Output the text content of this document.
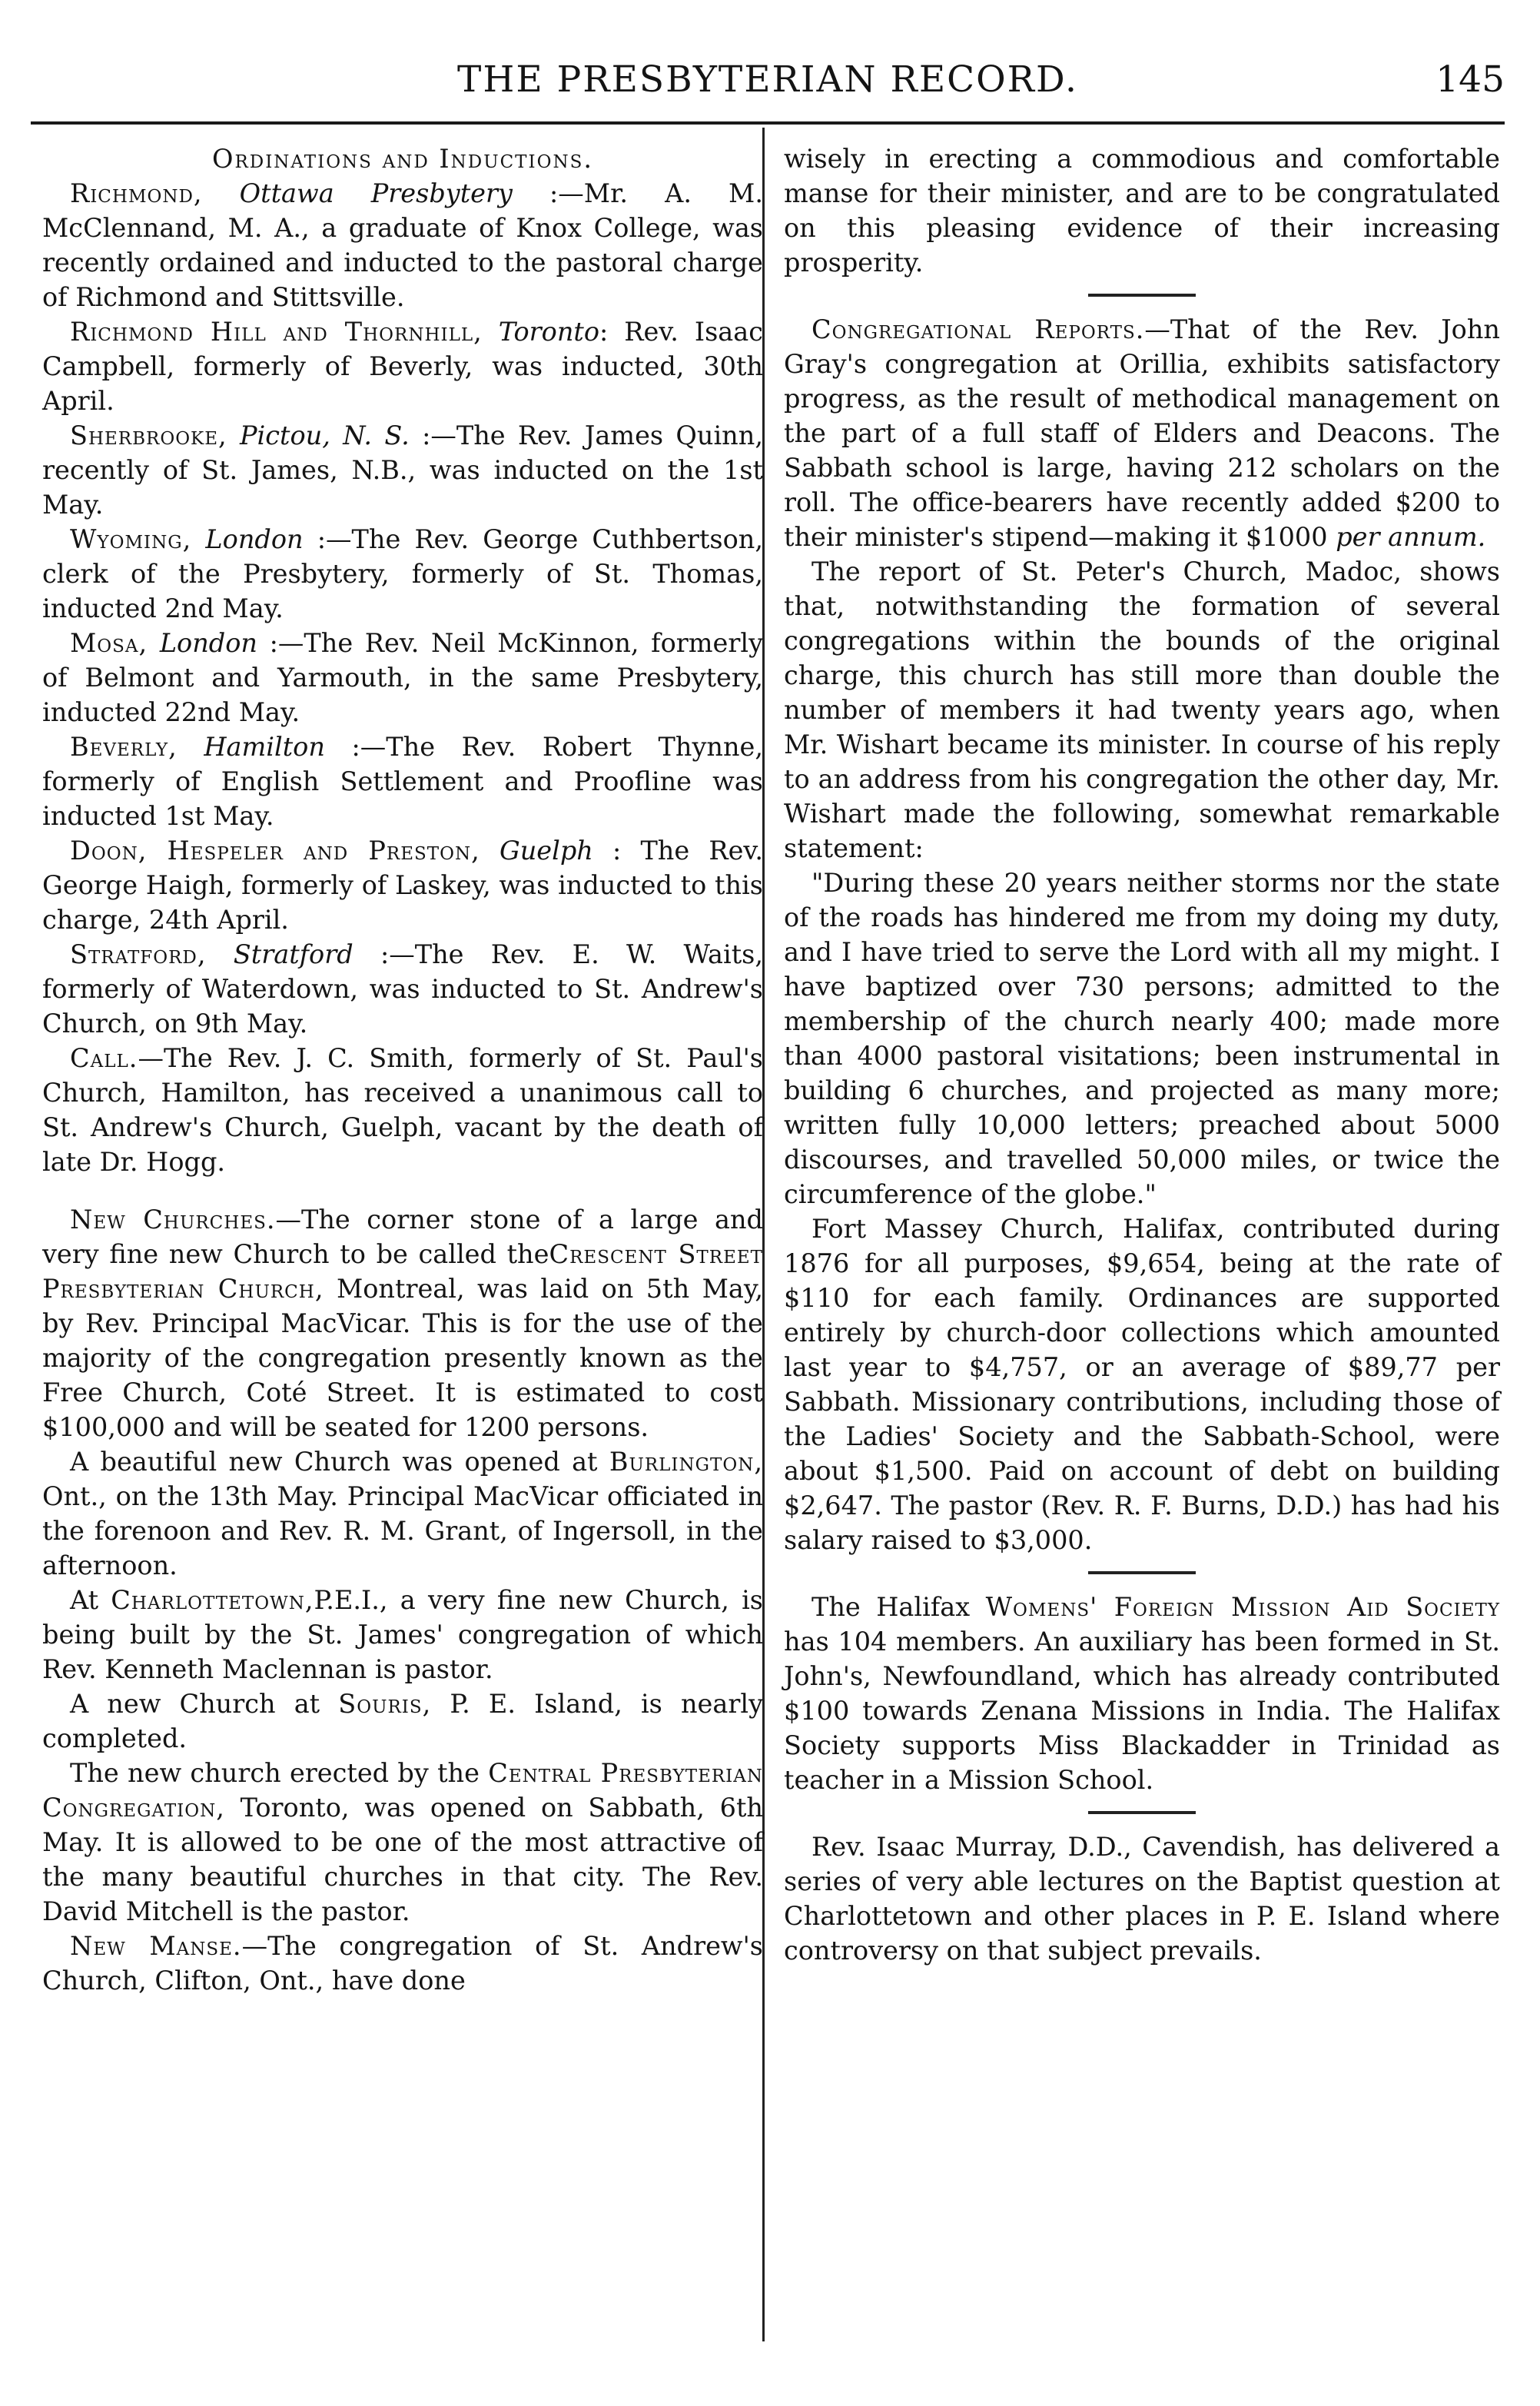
THE PRESBYTERIAN RECORD.	145

Ordinations and Inductions.

Richmond, Ottawa Presbytery :—Mr. A. M. McClennand, M. A., a graduate of Knox College, was recently ordained and inducted to the pastoral charge of Richmond and Stittsville.

Richmond Hill and Thornhill, Toronto: Rev. Isaac Campbell, formerly of Beverly, was inducted, 30th April.

Sherbrooke, Pictou, N. S. :—The Rev. James Quinn, recently of St. James, N.B., was inducted on the 1st May.

Wyoming, London :—The Rev. George Cuthbertson, clerk of the Presbytery, formerly of St. Thomas, inducted 2nd May.

Mosa, London :—The Rev. Neil McKinnon, formerly of Belmont and Yarmouth, in the same Presbytery, inducted 22nd May.

Beverly, Hamilton :—The Rev. Robert Thynne, formerly of English Settlement and Proofline was inducted 1st May.

Doon, Hespeler and Preston, Guelph : The Rev. George Haigh, formerly of Laskey, was inducted to this charge, 24th April.

Stratford, Stratford :—The Rev. E. W. Waits, formerly of Waterdown, was inducted to St. Andrew's Church, on 9th May.

Call.—The Rev. J. C. Smith, formerly of St. Paul's Church, Hamilton, has received a unanimous call to St. Andrew's Church, Guelph, vacant by the death of late Dr. Hogg.

New Churches.—The corner stone of a large and very fine new Church to be called theCrescent Street Presbyterian Church, Montreal, was laid on 5th May, by Rev. Principal MacVicar. This is for the use of the majority of the congregation presently known as the Free Church, Coté Street. It is estimated to cost $100,000 and will be seated for 1200 persons.

A beautiful new Church was opened at Burlington, Ont., on the 13th May. Principal MacVicar officiated in the forenoon and Rev. R. M. Grant, of Ingersoll, in the afternoon.

At Charlottetown,P.E.I., a very fine new Church, is being built by the St. James' congregation of which Rev. Kenneth Maclennan is pastor.

A new Church at Souris, P. E. Island, is nearly completed.

The new church erected by the Central Presbyterian Congregation, Toronto, was opened on Sabbath, 6th May. It is allowed to be one of the most attractive of the many beautiful churches in that city. The Rev. David Mitchell is the pastor.

New Manse.—The congregation of St. Andrew's Church, Clifton, Ont., have done

wisely in erecting a commodious and comfortable manse for their minister, and are to be congratulated on this pleasing evidence of their increasing prosperity.

Congregational Reports.—That of the Rev. John Gray's congregation at Orillia, exhibits satisfactory progress, as the result of methodical management on the part of a full staff of Elders and Deacons. The Sabbath school is large, having 212 scholars on the roll. The office-bearers have recently added $200 to their minister's stipend—making it $1000 per annum.

The report of St. Peter's Church, Madoc, shows that, notwithstanding the formation of several congregations within the bounds of the original charge, this church has still more than double the number of members it had twenty years ago, when Mr. Wishart became its minister. In course of his reply to an address from his congregation the other day, Mr. Wishart made the following, somewhat remarkable statement:

"During these 20 years neither storms nor the state of the roads has hindered me from my doing my duty, and I have tried to serve the Lord with all my might. I have baptized over 730 persons; admitted to the membership of the church nearly 400; made more than 4000 pastoral visitations; been instrumental in building 6 churches, and projected as many more; written fully 10,000 letters; preached about 5000 discourses, and travelled 50,000 miles, or twice the circumference of the globe."

Fort Massey Church, Halifax, contributed during 1876 for all purposes, $9,654, being at the rate of $110 for each family. Ordinances are supported entirely by church-door collections which amounted last year to $4,757, or an average of $89,77 per Sabbath. Missionary contributions, including those of the Ladies' Society and the Sabbath-School, were about $1,500. Paid on account of debt on building $2,647. The pastor (Rev. R. F. Burns, D.D.) has had his salary raised to $3,000.

The Halifax Womens' Foreign Mission Aid Society has 104 members. An auxiliary has been formed in St. John's, Newfoundland, which has already contributed $100 towards Zenana Missions in India. The Halifax Society supports Miss Blackadder in Trinidad as teacher in a Mission School.

Rev. Isaac Murray, D.D., Cavendish, has delivered a series of very able lectures on the Baptist question at Charlottetown and other places in P. E. Island where controversy on that subject prevails.
